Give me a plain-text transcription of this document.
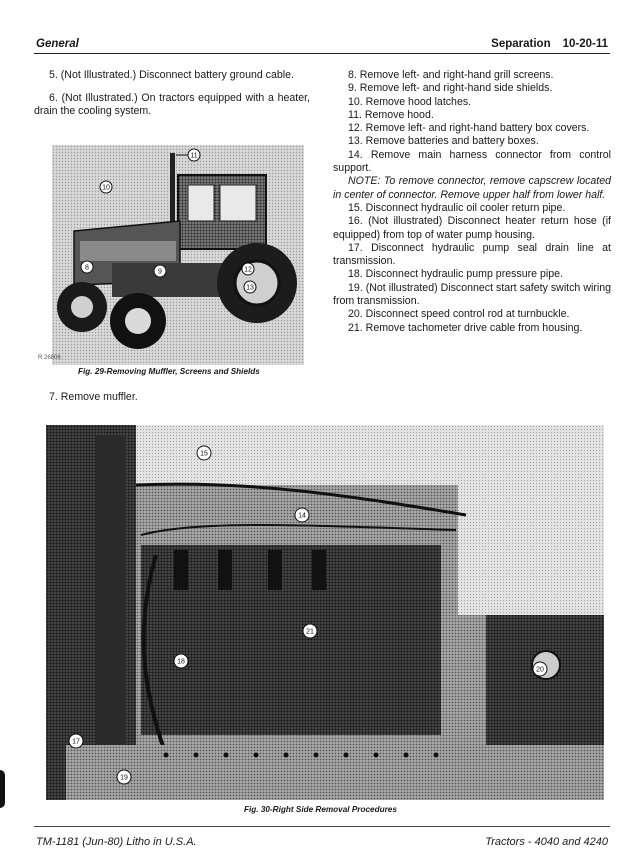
General	Separation 10-20-11

5. (Not Illustrated.) Disconnect battery ground cable.

6. (Not Illustrated.) On tractors equipped with a heater, drain the cooling system.

11
10
8
9	12
13
R 26806
Fig. 29-Removing Muffler, Screens and Shields
7. Remove muffler.

8. Remove left- and right-hand grill screens.

9. Remove left- and right-hand side shields.

10. Remove hood latches.

11. Remove hood.

12. Remove left- and right-hand battery box covers.

13. Remove batteries and battery boxes.

14. Remove main harness connector from control support.

NOTE: To remove connector, remove capscrew located in center of connector. Remove upper half from lower half.

15. Disconnect hydraulic oil cooler return pipe.

16. (Not illustrated) Disconnect heater return hose (if equipped) from top of water pump housing.

17. Disconnect hydraulic pump seal drain line at transmission.

18. Disconnect hydraulic pump pressure pipe.

19. (Not illustrated) Disconnect start safety switch wiring from transmission.

20. Disconnect speed control rod at turnbuckle.

21. Remove tachometer drive cable from housing.

15
14
21
18
20
17
19
Fig. 30-Right Side Removal Procedures
TM-1181 (Jun-80) Litho in U.S.A.	Tractors - 4040 and 4240
